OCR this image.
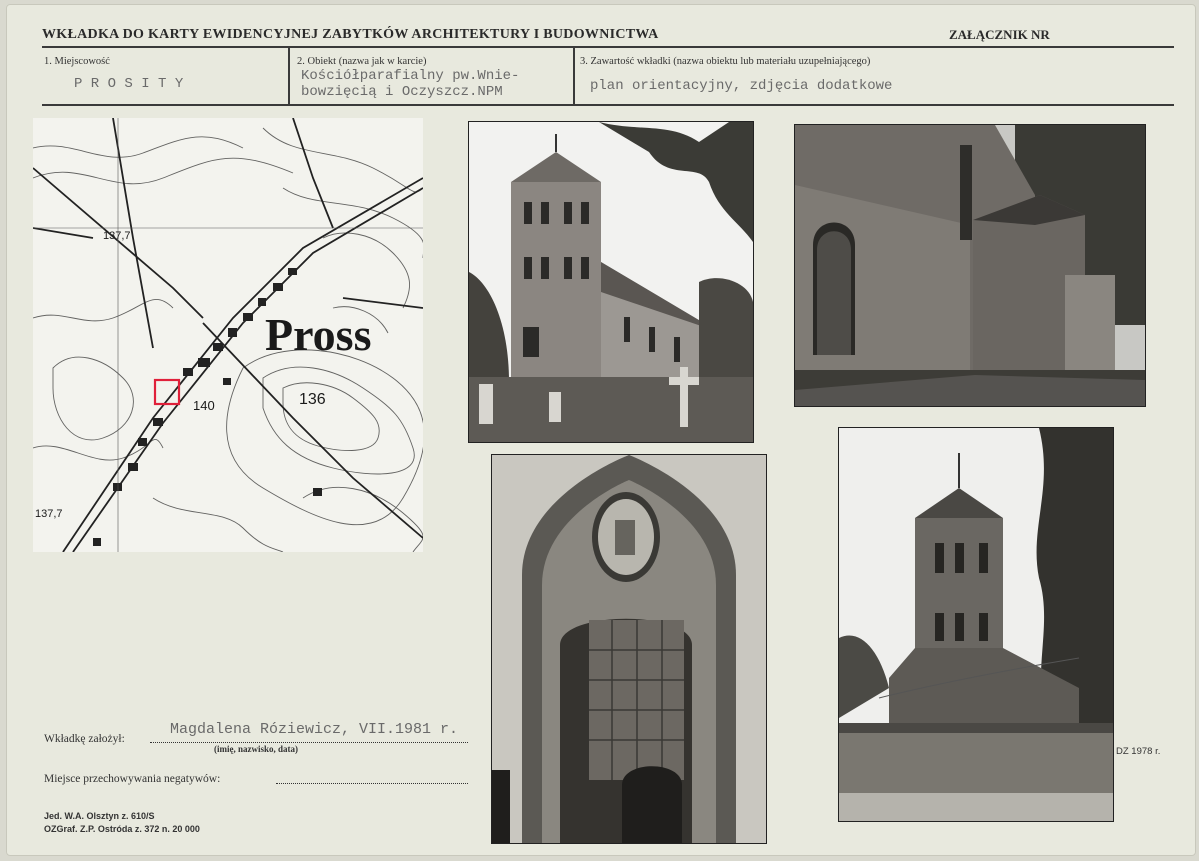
WKŁADKA DO KARTY EWIDENCYJNEJ ZABYTKÓW ARCHITEKTURY I BUDOWNICTWA	ZAŁĄCZNIK NR
1. Miejscowość
P R O S I T Y
2. Obiekt (nazwa jak w karcie)
Kościółparafialny pw.Wnie-
bowzięcią i Oczyszcz.NPM
3. Zawartość wkładki (nazwa obiektu lub materiału uzupełniającego)
plan orientacyjny, zdjęcia dodatkowe
Pross
136
140
137,7
137,7
DZ 1978 r.
Wkładkę założył:
Magdalena Róziewicz, VII.1981 r.
(imię, nazwisko, data)
Miejsce przechowywania negatywów:
Jed. W.A. Olsztyn z. 610/S
OZGraf. Z.P. Ostróda z. 372 n. 20 000
